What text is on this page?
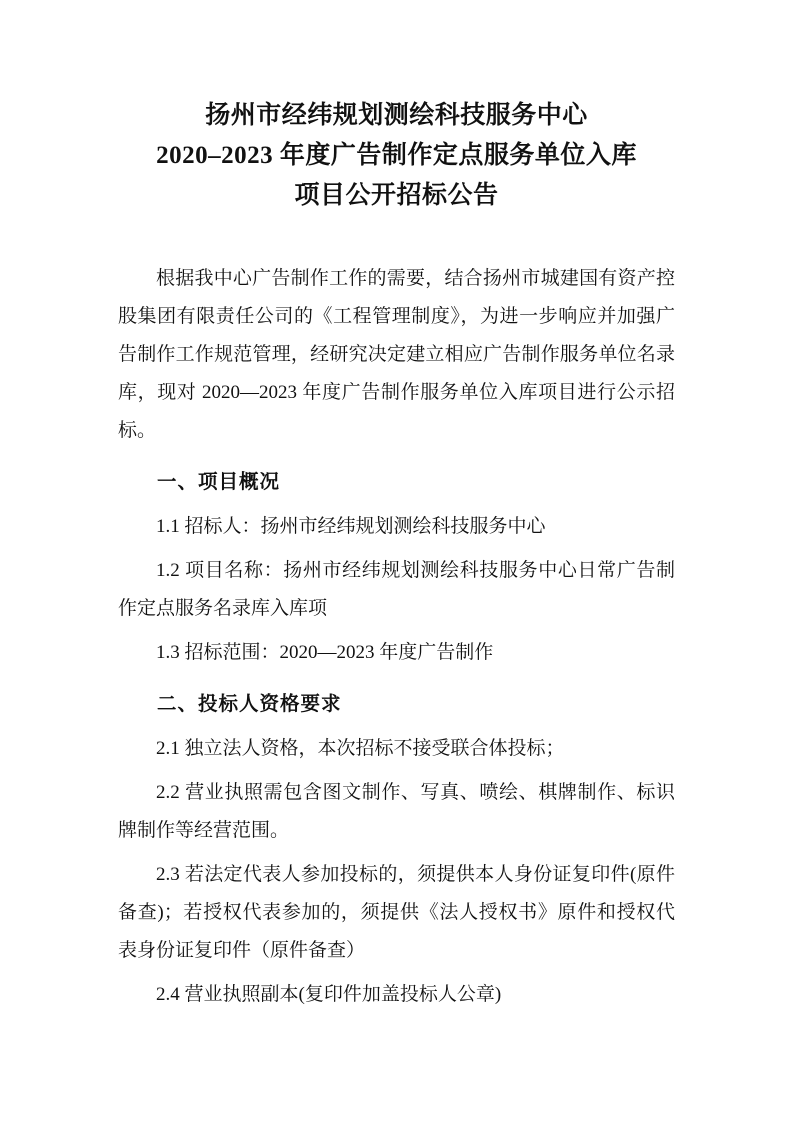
扬州市经纬规划测绘科技服务中心
2020–2023 年度广告制作定点服务单位入库
项目公开招标公告

根据我中心广告制作工作的需要，结合扬州市城建国有资产控股集团有限责任公司的《工程管理制度》，为进一步响应并加强广告制作工作规范管理，经研究决定建立相应广告制作服务单位名录库，现对 2020—2023 年度广告制作服务单位入库项目进行公示招标。

一、项目概况

1.1 招标人：扬州市经纬规划测绘科技服务中心

1.2 项目名称：扬州市经纬规划测绘科技服务中心日常广告制作定点服务名录库入库项

1.3 招标范围：2020—2023 年度广告制作

二、投标人资格要求

2.1 独立法人资格，本次招标不接受联合体投标；

2.2 营业执照需包含图文制作、写真、喷绘、棋牌制作、标识牌制作等经营范围。

2.3 若法定代表人参加投标的，须提供本人身份证复印件(原件备查)；若授权代表参加的，须提供《法人授权书》原件和授权代表身份证复印件（原件备查）

2.4 营业执照副本(复印件加盖投标人公章)
